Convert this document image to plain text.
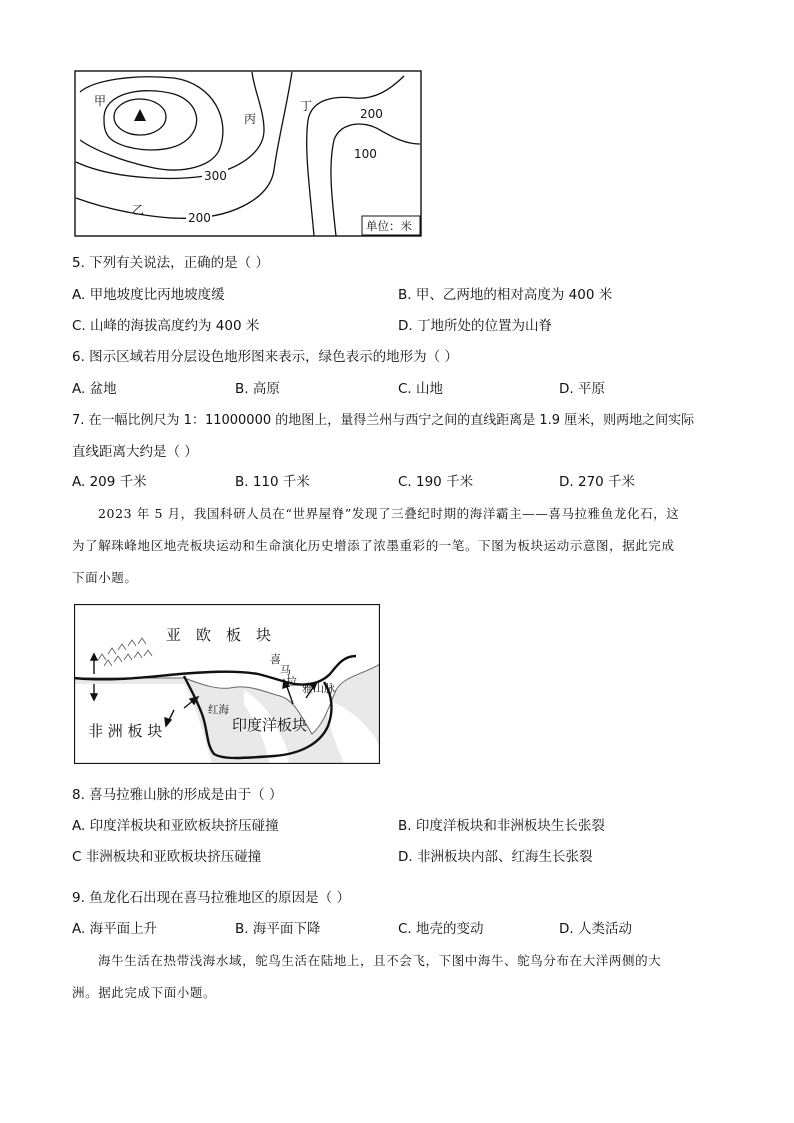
甲
乙
丙
丁
300
200
200
100
单位：米
5. 下列有关说法，正确的是（ ）
A. 甲地坡度比丙地坡度缓	B. 甲、乙两地的相对高度为 400 米
C. 山峰的海拔高度约为 400 米	D. 丁地所处的位置为山脊
6. 图示区域若用分层设色地形图来表示，绿色表示的地形为（ ）
A. 盆地	B. 高原	C. 山地	D. 平原
7. 在一幅比例尺为 1：11000000 的地图上，量得兰州与西宁之间的直线距离是 1.9 厘米，则两地之间实际
直线距离大约是（ ）
A. 209 千米	B. 110 千米	C. 190 千米	D. 270 千米
2023 年 5 月，我国科研人员在“世界屋脊”发现了三叠纪时期的海洋霸主——喜马拉雅鱼龙化石，这
为了解珠峰地区地壳板块运动和生命演化历史增添了浓墨重彩的一笔。下图为板块运动示意图，据此完成
下面小题。
亚　欧　板　块
非 洲 板 块	印度洋板块
红海
喜
马
拉
雅山脉
8. 喜马拉雅山脉的形成是由于（ ）
A. 印度洋板块和亚欧板块挤压碰撞	B. 印度洋板块和非洲板块生长张裂
C 非洲板块和亚欧板块挤压碰撞	D. 非洲板块内部、红海生长张裂
9. 鱼龙化石出现在喜马拉雅地区的原因是（ ）
A. 海平面上升	B. 海平面下降	C. 地壳的变动	D. 人类活动
海牛生活在热带浅海水域，鸵鸟生活在陆地上，且不会飞，下图中海牛、鸵鸟分布在大洋两侧的大
洲。据此完成下面小题。
